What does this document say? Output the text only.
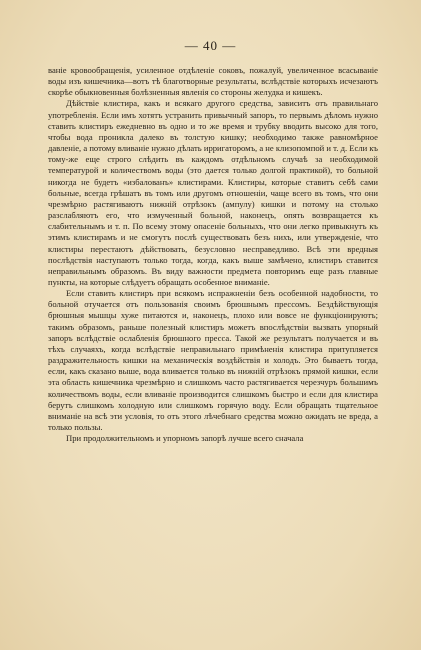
— 40 —

ваніе кровообращенія, усиленное отдѣленіе соковъ, пожалуй, увеличенное всасываніе воды изъ кишечника—вотъ тѣ благотворные результаты, вслѣдствіе которыхъ исчезаютъ скорѣе обыкновенныя болѣзненныя явленія со стороны желудка и кишекъ.

Дѣйствіе клистира, какъ и всякаго другого средства, зависитъ отъ правильнаго употребленія. Если имъ хотятъ устранить привычный запоръ, то первымъ дѣломъ нужно ставить клистиръ ежедневно въ одно и то же время и трубку вводить высоко для того, чтобы вода проникла далеко въ толстую кишку; необходимо также равномѣрное давленіе, а потому вливаніе нужно дѣлать ирригаторомъ, а не клизопомпой и т. д. Если къ тому-же еще строго слѣдить въ каждомъ отдѣльномъ случаѣ за необходимой температурой и количествомъ воды (это дается только долгой практикой), то больной никогда не будетъ «избалованъ» клистирами. Клистиры, которые ставитъ себѣ сами больные, всегда грѣшатъ въ томъ или другомъ отношеніи, чаще всего въ томъ, что они чрезмѣрно растягиваютъ нижній отрѣзокъ (ампулу) кишки и потому на столько разслабляютъ его, что измученный больной, наконецъ, опять возвращается къ слабительнымъ и т. п. По всему этому опасеніе больныхъ, что они легко привыкнутъ къ этимъ клистирамъ и не смогутъ послѣ существовать безъ нихъ, или утвержденіе, что клистиры перестаютъ дѣйствовать, безусловно несправедливо. Всѣ эти вредныя послѣдствія наступаютъ только тогда, когда, какъ выше замѣчено, клистиръ ставится неправильнымъ образомъ. Въ виду важности предмета повторимъ еще разъ главные пункты, на которые слѣдуетъ обращать особенное вниманіе.

Если ставить клистиръ при всякомъ испражненіи безъ особенной надобности, то больной отучается отъ пользованія своимъ брюшнымъ прессомъ. Бездѣйствующія брюшныя мышцы хуже питаются и, наконецъ, плохо или вовсе не функціонируютъ; такимъ образомъ, раньше полезный клистиръ можетъ впослѣдствіи вызвать упорный запоръ вслѣдствіе ослабленія брюшного пресса. Такой же результатъ получается и въ тѣхъ случаяхъ, когда вслѣдствіе неправильнаго примѣненія клистира притупляется раздражительность кишки на механическія воздѣйствія и холодъ. Это бываетъ тогда, если, какъ сказано выше, вода вливается только въ нижній отрѣзокъ прямой кишки, если эта область кишечника чрезмѣрно и слишкомъ часто растягивается черезчуръ большимъ количествомъ воды, если вливаніе производится слишкомъ быстро и если для клистира берутъ слишкомъ холодную или слишкомъ горячую воду. Если обращать тщательное вниманіе на всѣ эти условія, то отъ этого лѣчебнаго средства можно ожидать не вреда, а только пользы.

При продолжительномъ и упорномъ запорѣ лучше всего сначала
